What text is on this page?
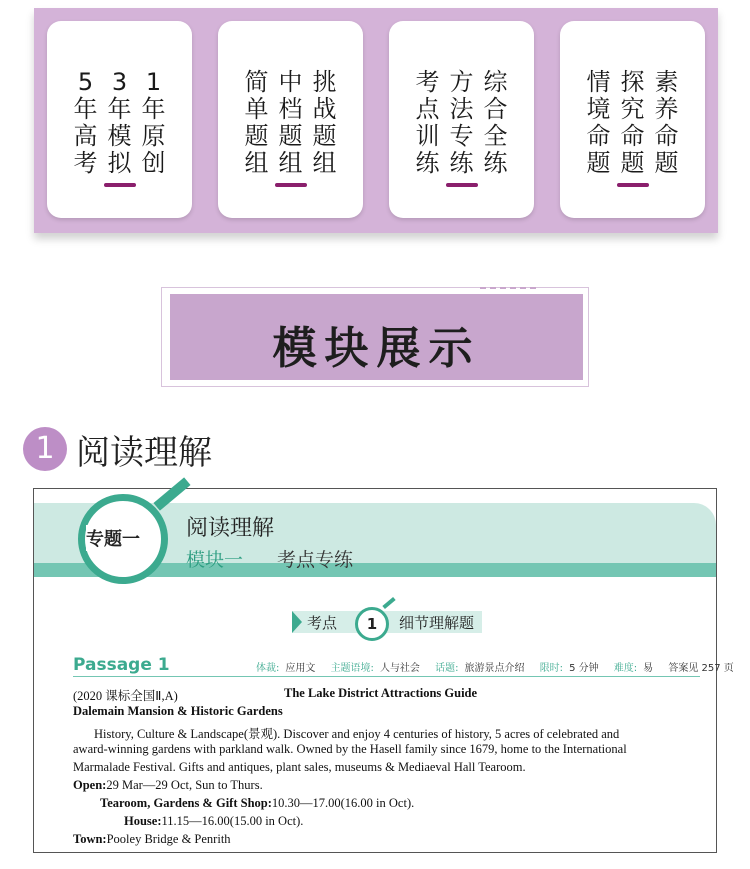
5年高考
3年模拟
1年原创
简单题组
中档题组
挑战题组
考点训练
方法专练
综合全练
情境命题
探究命题
素养命题
模块展示
1 阅读理解
专题一 阅读理解
模块一 考点专练
考点	1	细节理解题
Passage 1	体裁: 应用文 主题语境: 人与社会 话题: 旅游景点介绍 限时: 5 分钟 难度: 易 答案见 257 页
(2020 课标全国Ⅱ,A)	The Lake District Attractions Guide
Dalemain Mansion & Historic Gardens
History, Culture & Landscape(景观). Discover and enjoy 4 centuries of history, 5 acres of celebrated and
award-winning gardens with parkland walk. Owned by the Hasell family since 1679, home to the International
Marmalade Festival. Gifts and antiques, plant sales, museums & Mediaeval Hall Tearoom.
Open:29 Mar—29 Oct, Sun to Thurs.
Tearoom, Gardens & Gift Shop:10.30—17.00(16.00 in Oct).
House:11.15—16.00(15.00 in Oct).
Town:Pooley Bridge & Penrith
